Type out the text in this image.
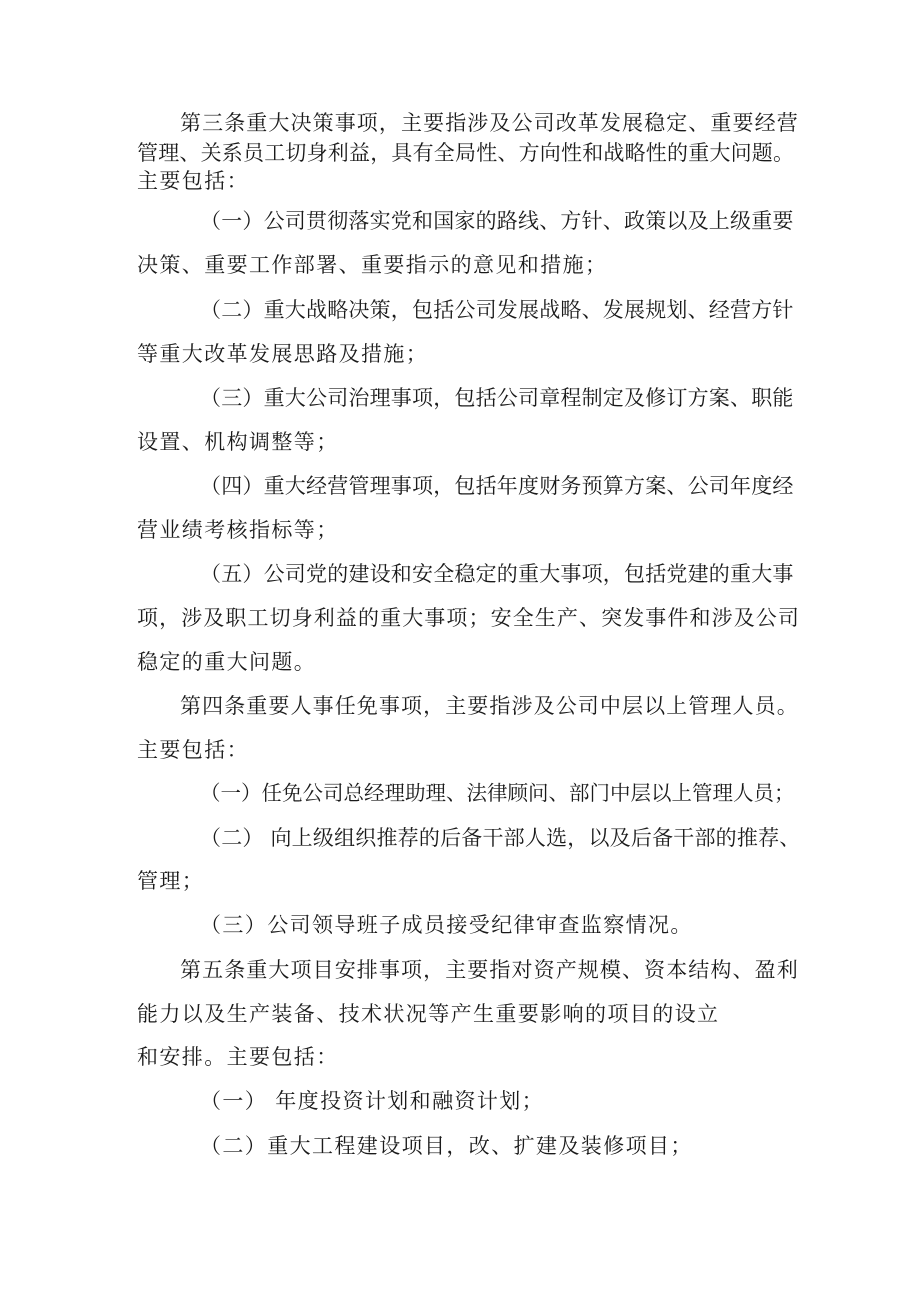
第三条重大决策事项，主要指涉及公司改革发展稳定、重要经营

管理、关系员工切身利益，具有全局性、方向性和战略性的重大问题。

主要包括：

（一）公司贯彻落实党和国家的路线、方针、政策以及上级重要

决策、重要工作部署、重要指示的意见和措施；

（二）重大战略决策，包括公司发展战略、发展规划、经营方针

等重大改革发展思路及措施；

（三）重大公司治理事项，包括公司章程制定及修订方案、职能

设置、机构调整等；

（四）重大经营管理事项，包括年度财务预算方案、公司年度经

营业绩考核指标等；

（五）公司党的建设和安全稳定的重大事项，包括党建的重大事

项，涉及职工切身利益的重大事项；安全生产、突发事件和涉及公司

稳定的重大问题。

第四条重要人事任免事项，主要指涉及公司中层以上管理人员。

主要包括：

（一）任免公司总经理助理、法律顾问、部门中层以上管理人员；

（二） 向上级组织推荐的后备干部人选，以及后备干部的推荐、

管理；

（三）公司领导班子成员接受纪律审查监察情况。

第五条重大项目安排事项，主要指对资产规模、资本结构、盈利

能力以及生产装备、技术状况等产生重要影响的项目的设立

和安排。主要包括：

（一） 年度投资计划和融资计划；

（二）重大工程建设项目，改、扩建及装修项目；
